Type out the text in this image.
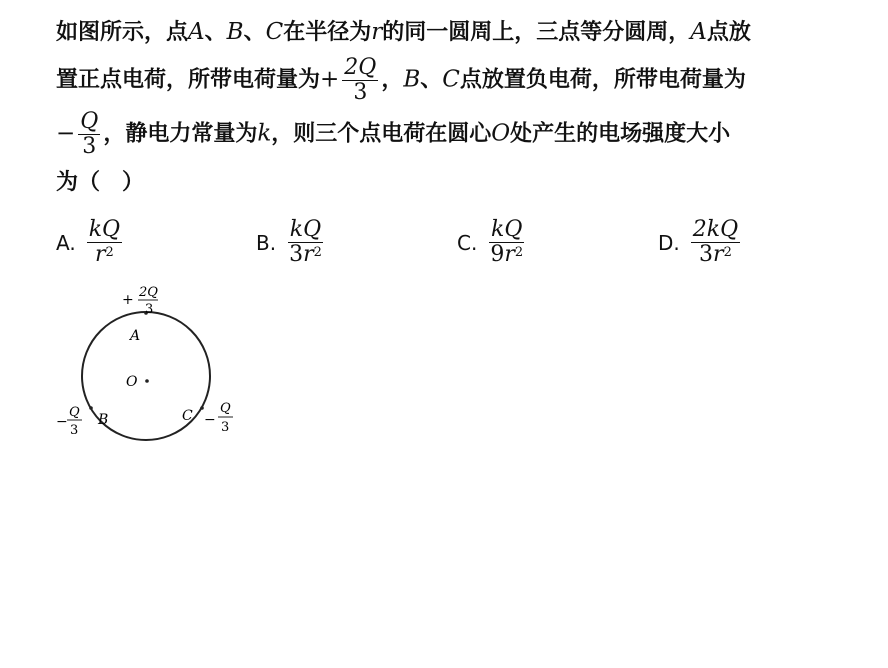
如图所示，点A、B、C在半径为r的同一圆周上，三点等分圆周，A点放
置正点电荷，所带电荷量为+ $\frac{2Q}{3}$ ，B、C点放置负电荷，所带电荷量为
− $\frac{Q}{3}$ ，静电力常量为k，则三个点电荷在圆心O处产生的电场强度大小
为（　）
A. $\frac{kQ}{r^2}$	B. $\frac{kQ}{3r^2}$	C. $\frac{kQ}{9r^2}$	D. $\frac{2kQ}{3r^2}$
+ 2Q
3
A
O
−
Q
3
B	C −
Q
3
